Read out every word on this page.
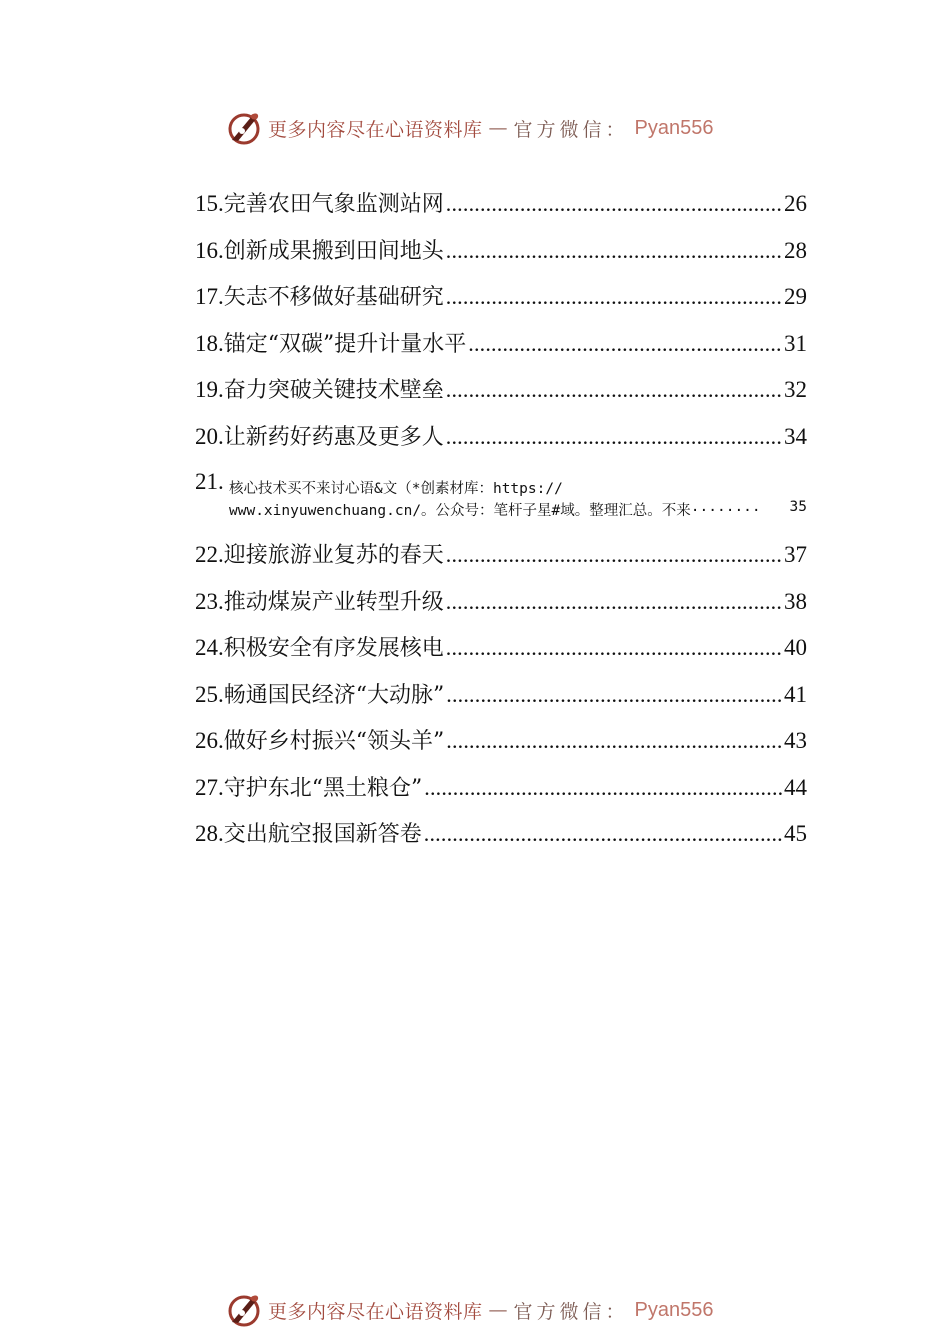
更多内容尽在心语资料库 — 官方微信： Pyan556
15. 完善农田气象监测站网 .....	26
16. 创新成果搬到田间地头 .....	28
17. 矢志不移做好基础研究 .....	29
18. 锚定“双碳”提升计量水平 .....	31
19. 奋力突破关键技术壁垒 .....	32
20. 让新药好药惠及更多人 .....	34
21. 核心技术买不来讨心语&文（*创素材库：https://
www.xinyuwenchuang.cn/。公众号：笔杆子星#域。整理汇总。不来 ........	35
22. 迎接旅游业复苏的春天 .....	37
23. 推动煤炭产业转型升级 .....	38
24. 积极安全有序发展核电 .....	40
25. 畅通国民经济“大动脉” .....	41
26. 做好乡村振兴“领头羊” .....	43
27. 守护东北“黑土粮仓” .....	44
28. 交出航空报国新答卷 .....	45
更多内容尽在心语资料库 — 官方微信： Pyan556
